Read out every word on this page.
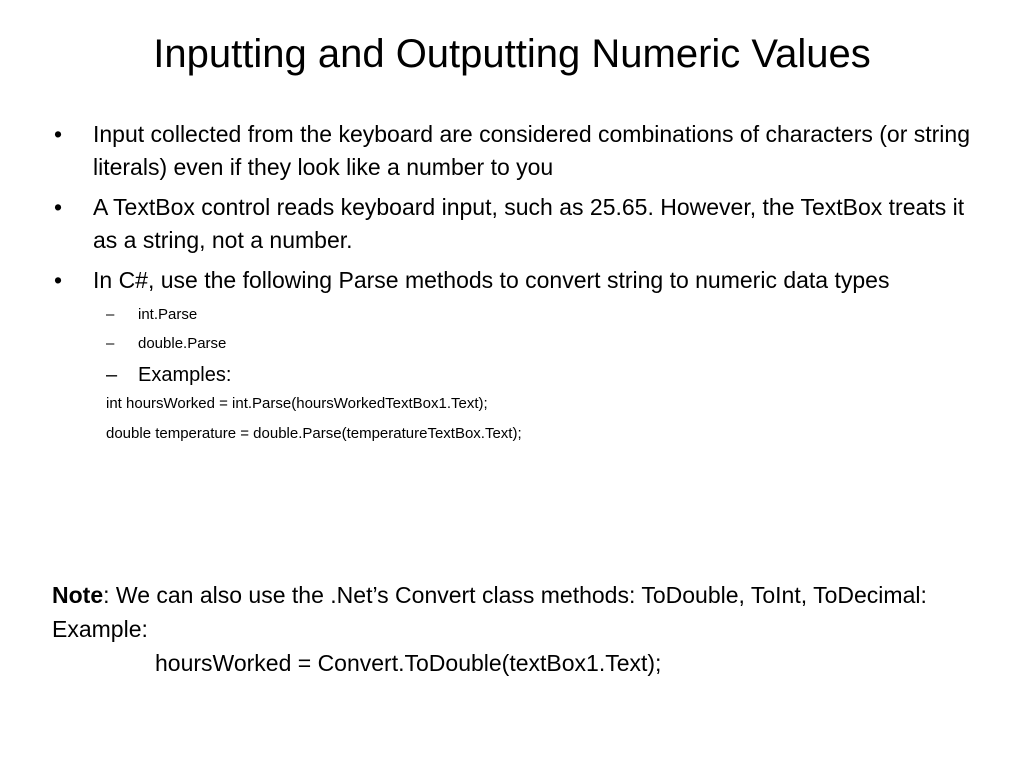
Inputting and Outputting Numeric Values
• Input collected from the keyboard are considered combinations of characters (or string literals) even if they look like a number to you
• A TextBox control reads keyboard input, such as 25.65. However, the TextBox treats it as a string, not a number.
• In C#, use the following Parse methods to convert string to numeric data types
– int.Parse
– double.Parse
– Examples:
int hoursWorked = int.Parse(hoursWorkedTextBox1.Text);
double temperature = double.Parse(temperatureTextBox.Text);
Note: We can also use the .Net’s Convert class methods: ToDouble, ToInt, ToDecimal:
Example:
hoursWorked = Convert.ToDouble(textBox1.Text);
